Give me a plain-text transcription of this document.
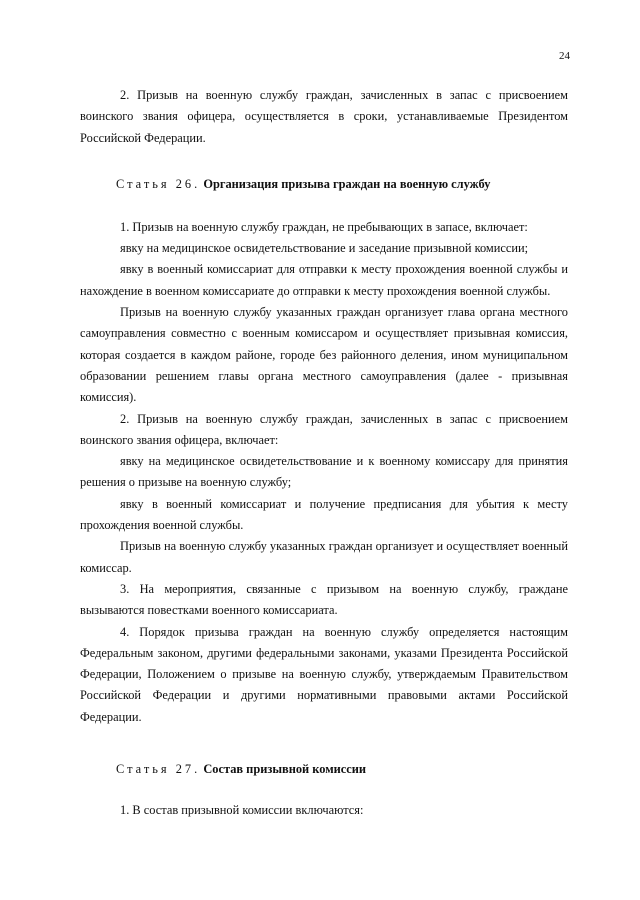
24

2. Призыв на военную службу граждан, зачисленных в запас с присвоением воинского звания офицера, осуществляется в сроки, устанавливаемые Президентом Российской Федерации.

Статья 26. Организация призыва граждан на военную службу

1. Призыв на военную службу граждан, не пребывающих в запасе, включает:

явку на медицинское освидетельствование и заседание призывной комиссии;

явку в военный комиссариат для отправки к месту прохождения военной службы и нахождение в военном комиссариате до отправки к месту прохождения военной службы.

Призыв на военную службу указанных граждан организует глава органа местного самоуправления совместно с военным комиссаром и осуществляет призывная комиссия, которая создается в каждом районе, городе без районного деления, ином муниципальном образовании решением главы органа местного самоуправления (далее - призывная комиссия).

2. Призыв на военную службу граждан, зачисленных в запас с присвоением воинского звания офицера, включает:

явку на медицинское освидетельствование и к военному комиссару для принятия решения о призыве на военную службу;

явку в военный комиссариат и получение предписания для убытия к месту прохождения военной службы.

Призыв на военную службу указанных граждан организует и осуществляет военный комиссар.

3. На мероприятия, связанные с призывом на военную службу, граждане вызываются повестками военного комиссариата.

4. Порядок призыва граждан на военную службу определяется настоящим Федеральным законом, другими федеральными законами, указами Президента Российской Федерации, Положением о призыве на военную службу, утверждаемым Правительством Российской Федерации и другими нормативными правовыми актами Российской Федерации.

Статья 27. Состав призывной комиссии

1. В состав призывной комиссии включаются:
